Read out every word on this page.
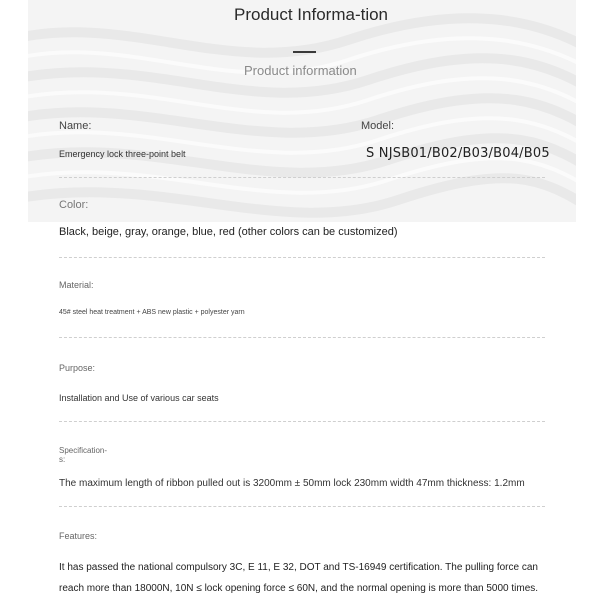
Product Informa-tion
Product information
Name:
Emergency lock three-point belt
Model:
S NJSB01/B02/B03/B04/B05
Color:
Black, beige, gray, orange, blue, red (other colors can be customized)
Material:
45# steel heat treatment + ABS new plastic + polyester yarn
Purpose:
Installation and Use of various car seats
Specification-s:
The maximum length of ribbon pulled out is 3200mm ± 50mm lock 230mm width 47mm thickness: 1.2mm
Features:
It has passed the national compulsory 3C, E 11, E 32, DOT and TS-16949 certification. The pulling force can reach more than 18000N, 10N ≤ lock opening force ≤ 60N, and the normal opening is more than 5000 times.
